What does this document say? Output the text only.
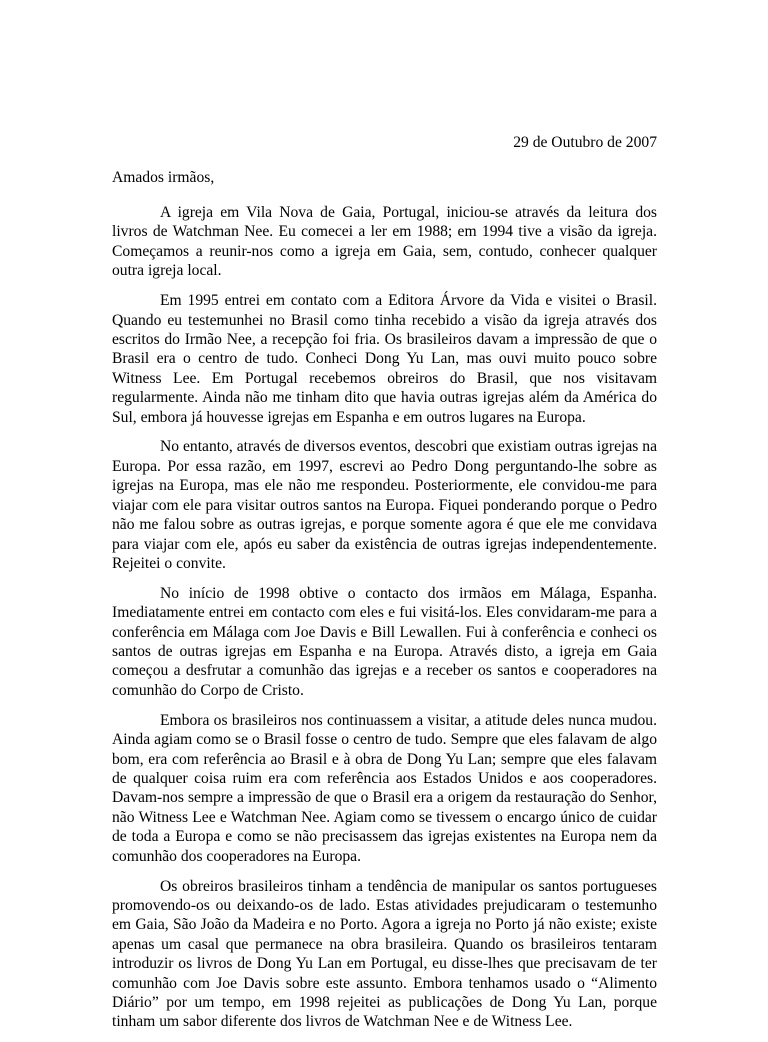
29 de Outubro de 2007

Amados irmãos,

A igreja em Vila Nova de Gaia, Portugal, iniciou-se através da leitura dos livros de Watchman Nee. Eu comecei a ler em 1988; em 1994 tive a visão da igreja. Começamos a reunir-nos como a igreja em Gaia, sem, contudo, conhecer qualquer outra igreja local.

Em 1995 entrei em contato com a Editora Árvore da Vida e visitei o Brasil. Quando eu testemunhei no Brasil como tinha recebido a visão da igreja através dos escritos do Irmão Nee, a recepção foi fria. Os brasileiros davam a impressão de que o Brasil era o centro de tudo. Conheci Dong Yu Lan, mas ouvi muito pouco sobre Witness Lee. Em Portugal recebemos obreiros do Brasil, que nos visitavam regularmente. Ainda não me tinham dito que havia outras igrejas além da América do Sul, embora já houvesse igrejas em Espanha e em outros lugares na Europa.

No entanto, através de diversos eventos, descobri que existiam outras igrejas na Europa. Por essa razão, em 1997, escrevi ao Pedro Dong perguntando-lhe sobre as igrejas na Europa, mas ele não me respondeu. Posteriormente, ele convidou-me para viajar com ele para visitar outros santos na Europa. Fiquei ponderando porque o Pedro não me falou sobre as outras igrejas, e porque somente agora é que ele me convidava para viajar com ele, após eu saber da existência de outras igrejas independentemente. Rejeitei o convite.

No início de 1998 obtive o contacto dos irmãos em Málaga, Espanha. Imediatamente entrei em contacto com eles e fui visitá-los. Eles convidaram-me para a conferência em Málaga com Joe Davis e Bill Lewallen. Fui à conferência e conheci os santos de outras igrejas em Espanha e na Europa. Através disto, a igreja em Gaia começou a desfrutar a comunhão das igrejas e a receber os santos e cooperadores na comunhão do Corpo de Cristo.

Embora os brasileiros nos continuassem a visitar, a atitude deles nunca mudou. Ainda agiam como se o Brasil fosse o centro de tudo. Sempre que eles falavam de algo bom, era com referência ao Brasil e à obra de Dong Yu Lan; sempre que eles falavam de qualquer coisa ruim era com referência aos Estados Unidos e aos cooperadores. Davam-nos sempre a impressão de que o Brasil era a origem da restauração do Senhor, não Witness Lee e Watchman Nee. Agiam como se tivessem o encargo único de cuidar de toda a Europa e como se não precisassem das igrejas existentes na Europa nem da comunhão dos cooperadores na Europa.

Os obreiros brasileiros tinham a tendência de manipular os santos portugueses promovendo-os ou deixando-os de lado. Estas atividades prejudicaram o testemunho em Gaia, São João da Madeira e no Porto. Agora a igreja no Porto já não existe; existe apenas um casal que permanece na obra brasileira. Quando os brasileiros tentaram introduzir os livros de Dong Yu Lan em Portugal, eu disse-lhes que precisavam de ter comunhão com Joe Davis sobre este assunto. Embora tenhamos usado o “Alimento Diário” por um tempo, em 1998 rejeitei as publicações de Dong Yu Lan, porque tinham um sabor diferente dos livros de Watchman Nee e de Witness Lee.
